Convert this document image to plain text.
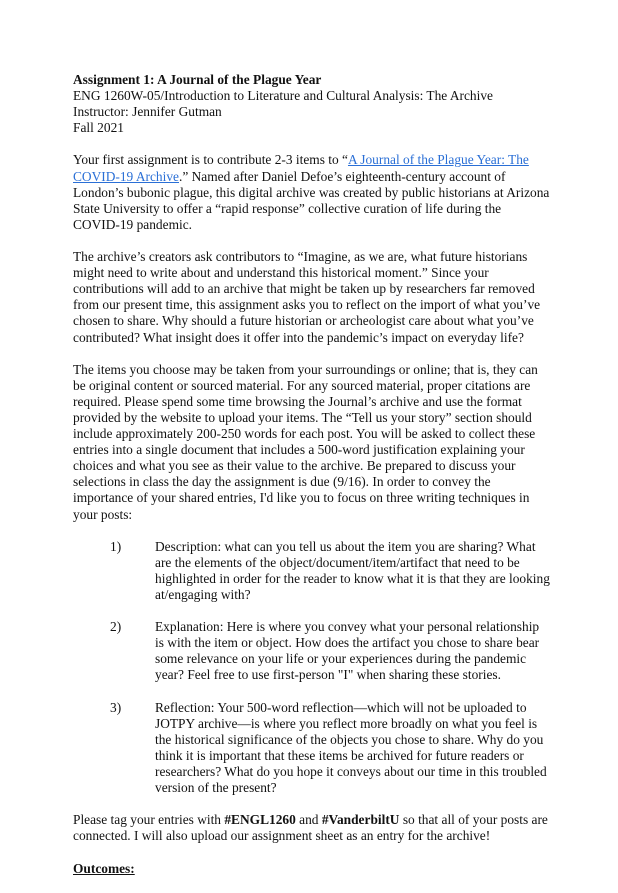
Assignment 1: A Journal of the Plague Year

ENG 1260W-05/Introduction to Literature and Cultural Analysis: The Archive

Instructor: Jennifer Gutman

Fall 2021

Your first assignment is to contribute 2-3 items to “A Journal of the Plague Year: The COVID-19 Archive.” Named after Daniel Defoe’s eighteenth-century account of London’s bubonic plague, this digital archive was created by public historians at Arizona State University to offer a “rapid response” collective curation of life during the COVID-19 pandemic.

The archive’s creators ask contributors to “Imagine, as we are, what future historians might need to write about and understand this historical moment.” Since your contributions will add to an archive that might be taken up by researchers far removed from our present time, this assignment asks you to reflect on the import of what you’ve chosen to share. Why should a future historian or archeologist care about what you’ve contributed? What insight does it offer into the pandemic’s impact on everyday life?

The items you choose may be taken from your surroundings or online; that is, they can be original content or sourced material. For any sourced material, proper citations are required. Please spend some time browsing the Journal’s archive and use the format provided by the website to upload your items. The “Tell us your story” section should include approximately 200-250 words for each post. You will be asked to collect these entries into a single document that includes a 500-word justification explaining your choices and what you see as their value to the archive. Be prepared to discuss your selections in class the day the assignment is due (9/16). In order to convey the importance of your shared entries, I'd like you to focus on three writing techniques in your posts:

1)	Description: what can you tell us about the item you are sharing? What are the elements of the object/document/item/artifact that need to be highlighted in order for the reader to know what it is that they are looking at/engaging with?
2)	Explanation: Here is where you convey what your personal relationship is with the item or object. How does the artifact you chose to share bear some relevance on your life or your experiences during the pandemic year? Feel free to use first-person "I" when sharing these stories.
3)	Reflection: Your 500-word reflection—which will not be uploaded to JOTPY archive—is where you reflect more broadly on what you feel is the historical significance of the objects you chose to share. Why do you think it is important that these items be archived for future readers or researchers? What do you hope it conveys about our time in this troubled version of the present?

Please tag your entries with #ENGL1260 and #VanderbiltU so that all of your posts are connected. I will also upload our assignment sheet as an entry for the archive!

Outcomes:
